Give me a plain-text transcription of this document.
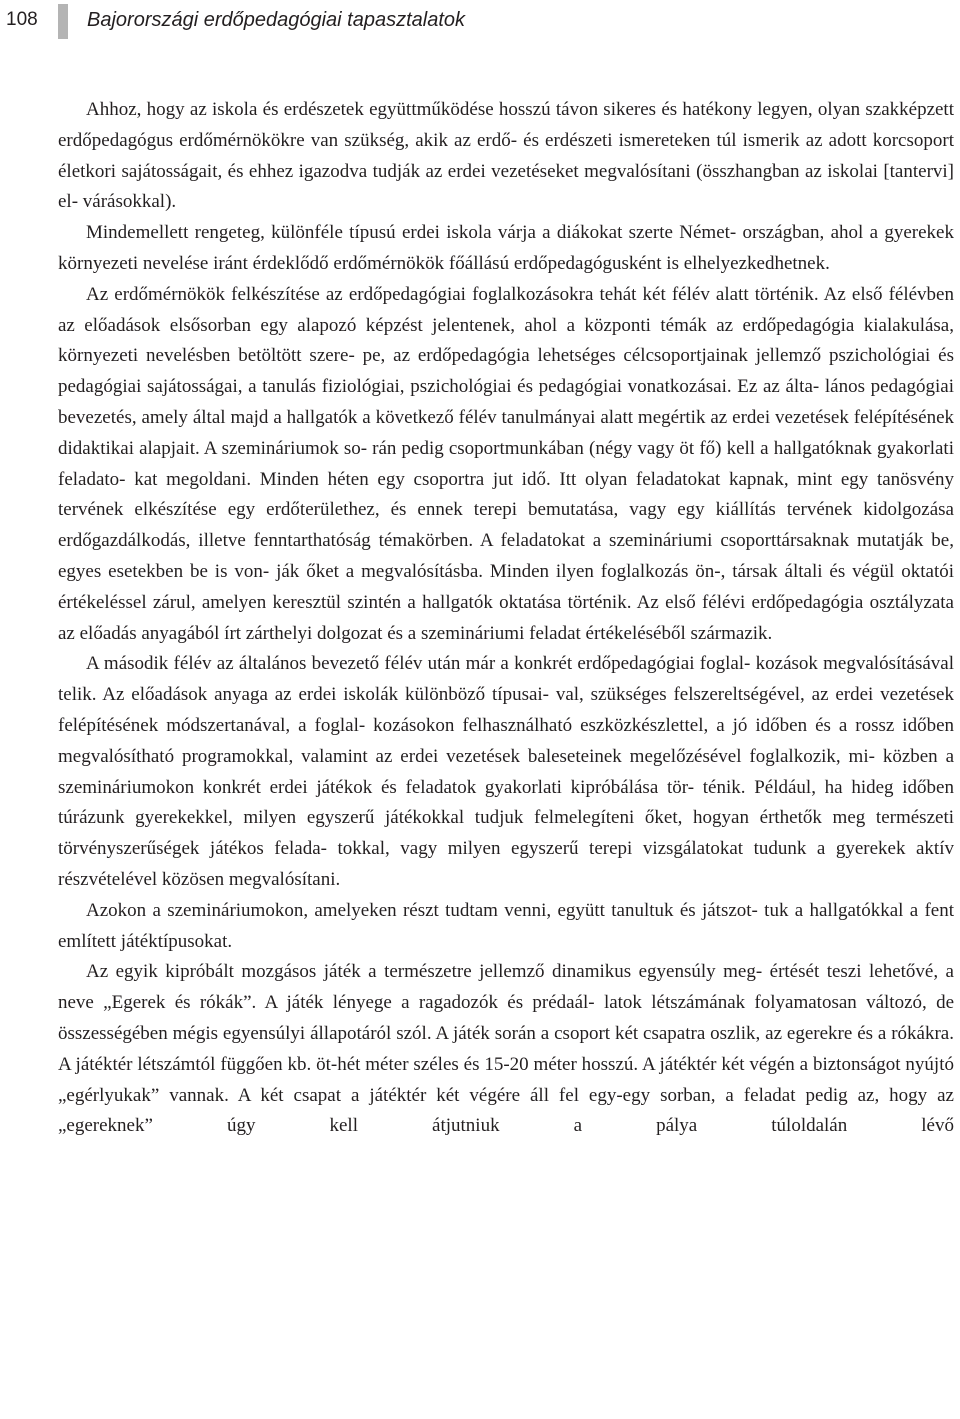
108 Bajorországi erdőpedagógiai tapasztalatok

Ahhoz, hogy az iskola és erdészetek együttműködése hosszú távon sikeres és hatékony legyen, olyan szakképzett erdőpedagógus erdőmérnökökre van szükség, akik az erdő- és erdészeti ismereteken túl ismerik az adott korcsoport életkori sajátosságait, és ehhez igazodva tudják az erdei vezetéseket megvalósítani (összhangban az iskolai [tantervi] el- várásokkal).

Mindemellett rengeteg, különféle típusú erdei iskola várja a diákokat szerte Német- országban, ahol a gyerekek környezeti nevelése iránt érdeklődő erdőmérnökök főállású erdőpedagógusként is elhelyezkedhetnek.

Az erdőmérnökök felkészítése az erdőpedagógiai foglalkozásokra tehát két félév alatt történik. Az első félévben az előadások elsősorban egy alapozó képzést jelentenek, ahol a központi témák az erdőpedagógia kialakulása, környezeti nevelésben betöltött szere- pe, az erdőpedagógia lehetséges célcsoportjainak jellemző pszichológiai és pedagógiai sajátosságai, a tanulás fiziológiai, pszichológiai és pedagógiai vonatkozásai. Ez az álta- lános pedagógiai bevezetés, amely által majd a hallgatók a következő félév tanulmányai alatt megértik az erdei vezetések felépítésének didaktikai alapjait. A szemináriumok so- rán pedig csoportmunkában (négy vagy öt fő) kell a hallgatóknak gyakorlati feladato- kat megoldani. Minden héten egy csoportra jut idő. Itt olyan feladatokat kapnak, mint egy tanösvény tervének elkészítése egy erdőterülethez, és ennek terepi bemutatása, vagy egy kiállítás tervének kidolgozása erdőgazdálkodás, illetve fenntarthatóság témakörben. A feladatokat a szemináriumi csoporttársaknak mutatják be, egyes esetekben be is von- ják őket a megvalósításba. Minden ilyen foglalkozás ön-, társak általi és végül oktatói értékeléssel zárul, amelyen keresztül szintén a hallgatók oktatása történik. Az első félévi erdőpedagógia osztályzata az előadás anyagából írt zárthelyi dolgozat és a szemináriumi feladat értékeléséből származik.

A második félév az általános bevezető félév után már a konkrét erdőpedagógiai foglal- kozások megvalósításával telik. Az előadások anyaga az erdei iskolák különböző típusai- val, szükséges felszereltségével, az erdei vezetések felépítésének módszertanával, a foglal- kozásokon felhasználható eszközkészlettel, a jó időben és a rossz időben megvalósítható programokkal, valamint az erdei vezetések baleseteinek megelőzésével foglalkozik, mi- közben a szemináriumokon konkrét erdei játékok és feladatok gyakorlati kipróbálása tör- ténik. Például, ha hideg időben túrázunk gyerekekkel, milyen egyszerű játékokkal tudjuk felmelegíteni őket, hogyan érthetők meg természeti törvényszerűségek játékos felada- tokkal, vagy milyen egyszerű terepi vizsgálatokat tudunk a gyerekek aktív részvételével közösen megvalósítani.

Azokon a szemináriumokon, amelyeken részt tudtam venni, együtt tanultuk és játszot- tuk a hallgatókkal a fent említett játéktípusokat.

Az egyik kipróbált mozgásos játék a természetre jellemző dinamikus egyensúly meg- értését teszi lehetővé, a neve „Egerek és rókák”. A játék lényege a ragadozók és prédaál- latok létszámának folyamatosan változó, de összességében mégis egyensúlyi állapotáról szól. A játék során a csoport két csapatra oszlik, az egerekre és a rókákra. A játéktér létszámtól függően kb. öt-hét méter széles és 15-20 méter hosszú. A játéktér két végén a biztonságot nyújtó „egérlyukak” vannak. A két csapat a játéktér két végére áll fel egy-egy sorban, a feladat pedig az, hogy az „egereknek” úgy kell átjutniuk a pálya túloldalán lévő
